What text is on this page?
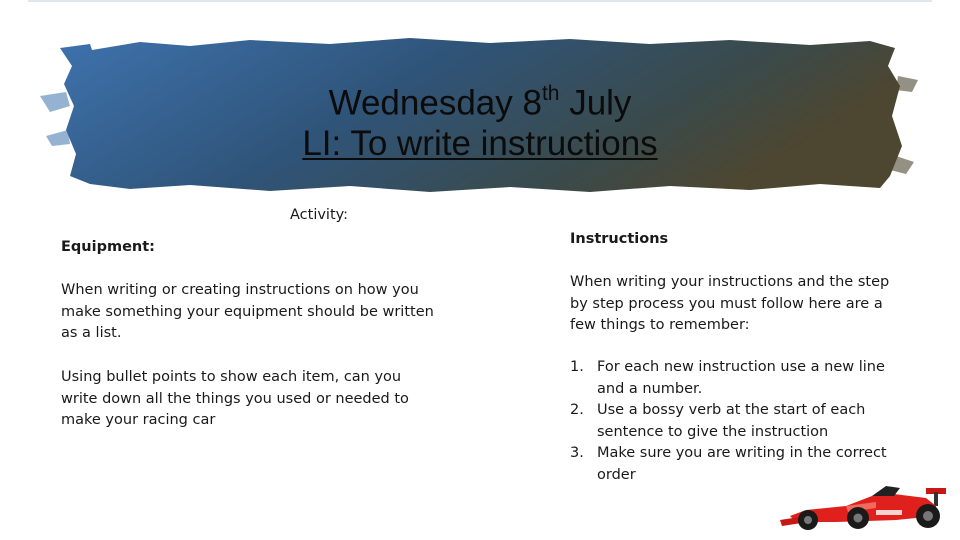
Wednesday 8th July
LI: To write instructions
Activity:
Equipment:

When writing or creating instructions on how you make something your equipment should be written as a list.

Using bullet points to show each item, can you write down all the things you used or needed to make your racing car

Instructions

When writing your instructions and the step by step process you must follow here are a few things to remember:

1. For each new instruction use a new line and a number.
2. Use a bossy verb at the start of each sentence to give the instruction
3. Make sure you are writing in the correct order
